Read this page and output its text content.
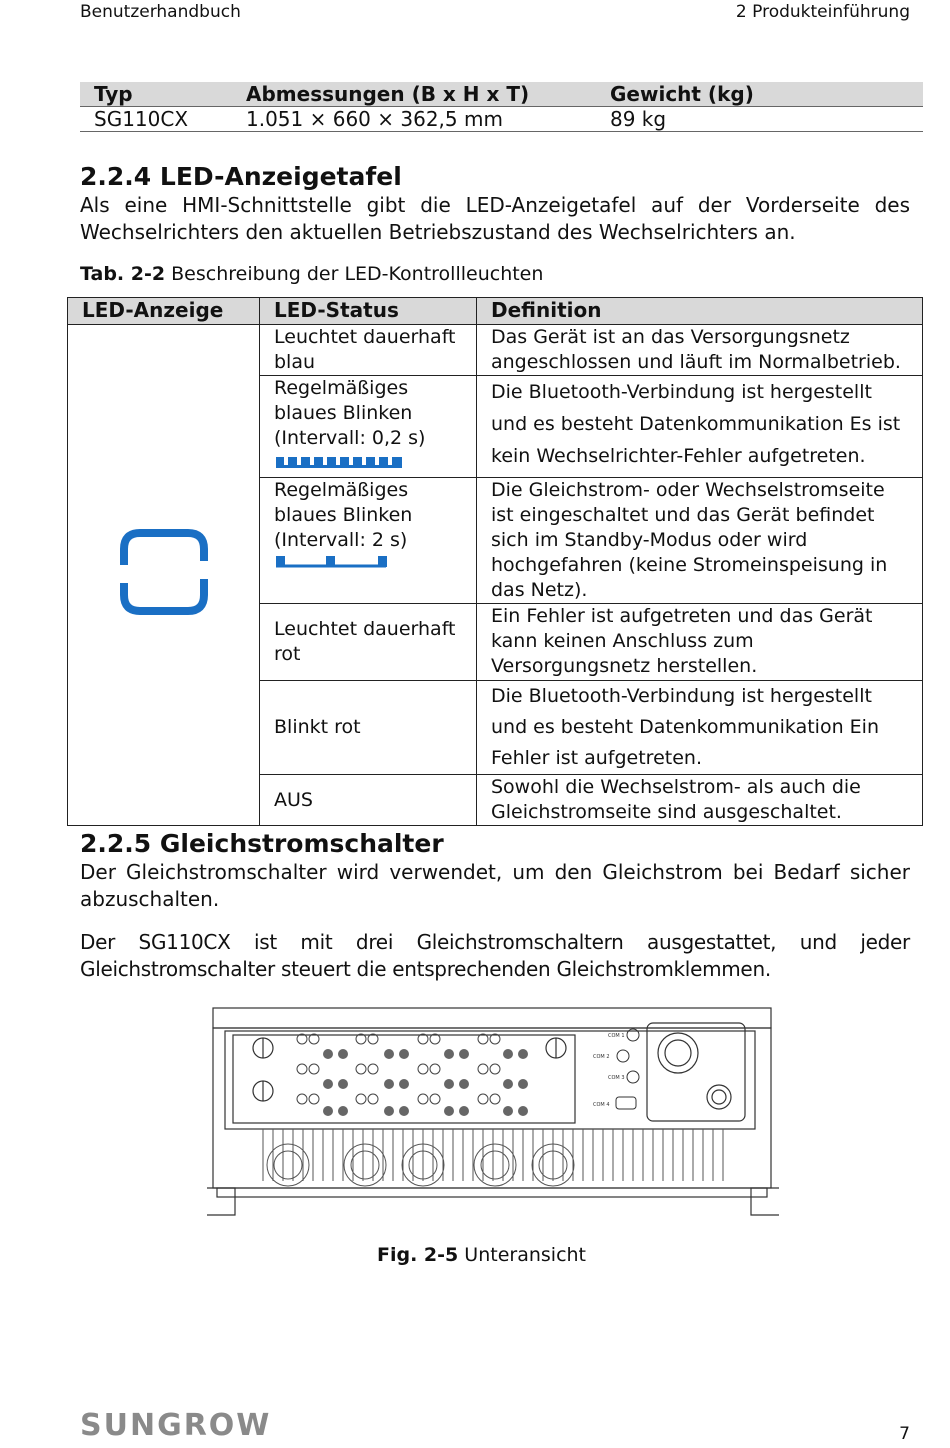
Benutzerhandbuch	2 Produkteinführung
Typ	Abmessungen (B x H x T)	Gewicht (kg)
SG110CX	1.051 × 660 × 362,5 mm	89 kg
2.2.4 LED-Anzeigetafel
Als eine HMI-Schnittstelle gibt die LED-Anzeigetafel auf der Vorderseite des Wechselrichters den aktuellen Betriebszustand des Wechselrichters an.
Tab. 2-2 Beschreibung der LED-Kontrollleuchten
LED-Anzeige	LED-Status	Definition
	Leuchtet dauerhaft blau	Das Gerät ist an das Versorgungsnetz angeschlossen und läuft im Normalbetrieb.

	Regelmäßiges blaues Blinken (Intervall: 0,2 s)	Die Bluetooth-Verbindung ist hergestellt und es besteht Datenkommunikation Es ist kein Wechselrichter-Fehler aufgetreten.

	Regelmäßiges blaues Blinken (Intervall: 2 s)	Die Gleichstrom- oder Wechselstromseite ist eingeschaltet und das Gerät befindet sich im Standby-Modus oder wird hochgefahren (keine Stromeinspeisung in das Netz).
	Leuchtet dauerhaft rot	Ein Fehler ist aufgetreten und das Gerät kann keinen Anschluss zum Versorgungsnetz herstellen.
	Blinkt rot	Die Bluetooth-Verbindung ist hergestellt und es besteht Datenkommunikation Ein Fehler ist aufgetreten.
	AUS	Sowohl die Wechselstrom- als auch die Gleichstromseite sind ausgeschaltet.
2.2.5 Gleichstromschalter
Der Gleichstromschalter wird verwendet, um den Gleichstrom bei Bedarf sicher abzuschalten.
Der SG110CX ist mit drei Gleichstromschaltern ausgestattet, und jeder Gleichstromschalter steuert die entsprechenden Gleichstromklemmen.
COM 1
COM 2
COM 3
COM 4
Fig. 2-5 Unteransicht
SUNGROW	7
